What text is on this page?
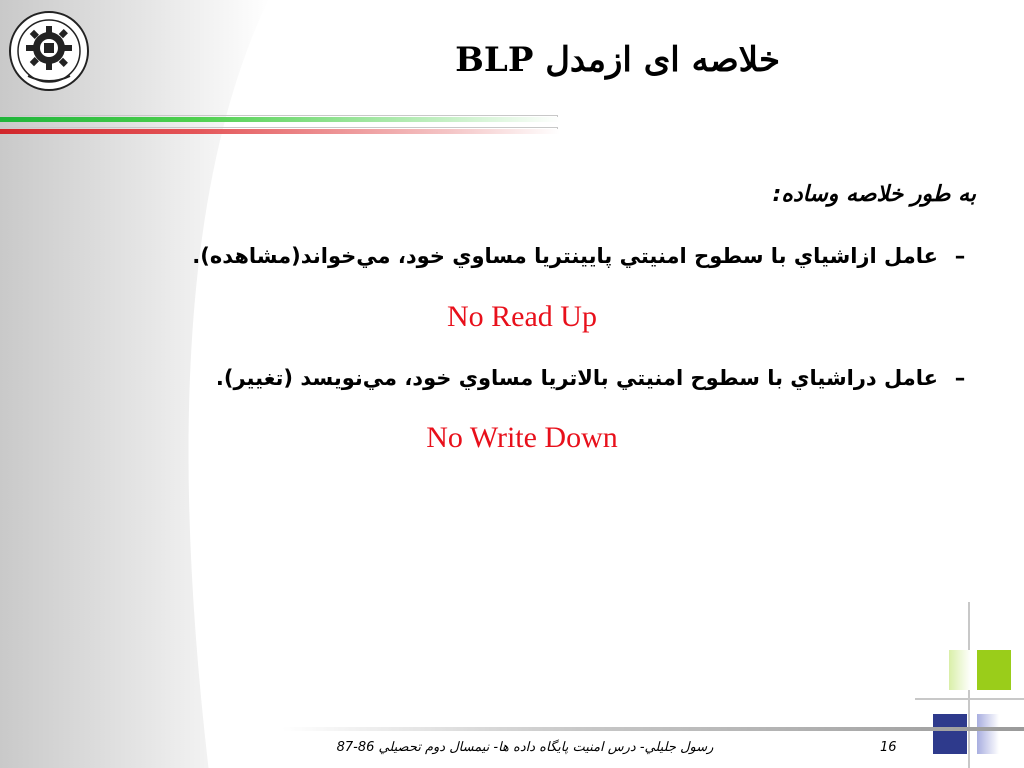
خلاصه ای ازمدل BLP
به طور خلاصه وساده:
–
عامل ازاشياي با سطوح امنيتي پايينتريا مساوي خود، مي‌خواند(مشاهده).
No Read Up
–
عامل دراشياي با سطوح امنيتي بالاتريا مساوي خود، مي‌نويسد (تغيير).
No Write Down
رسول جليلي- درس امنيت پايگاه داده ها- نيمسال دوم تحصيلي 86-87	16
